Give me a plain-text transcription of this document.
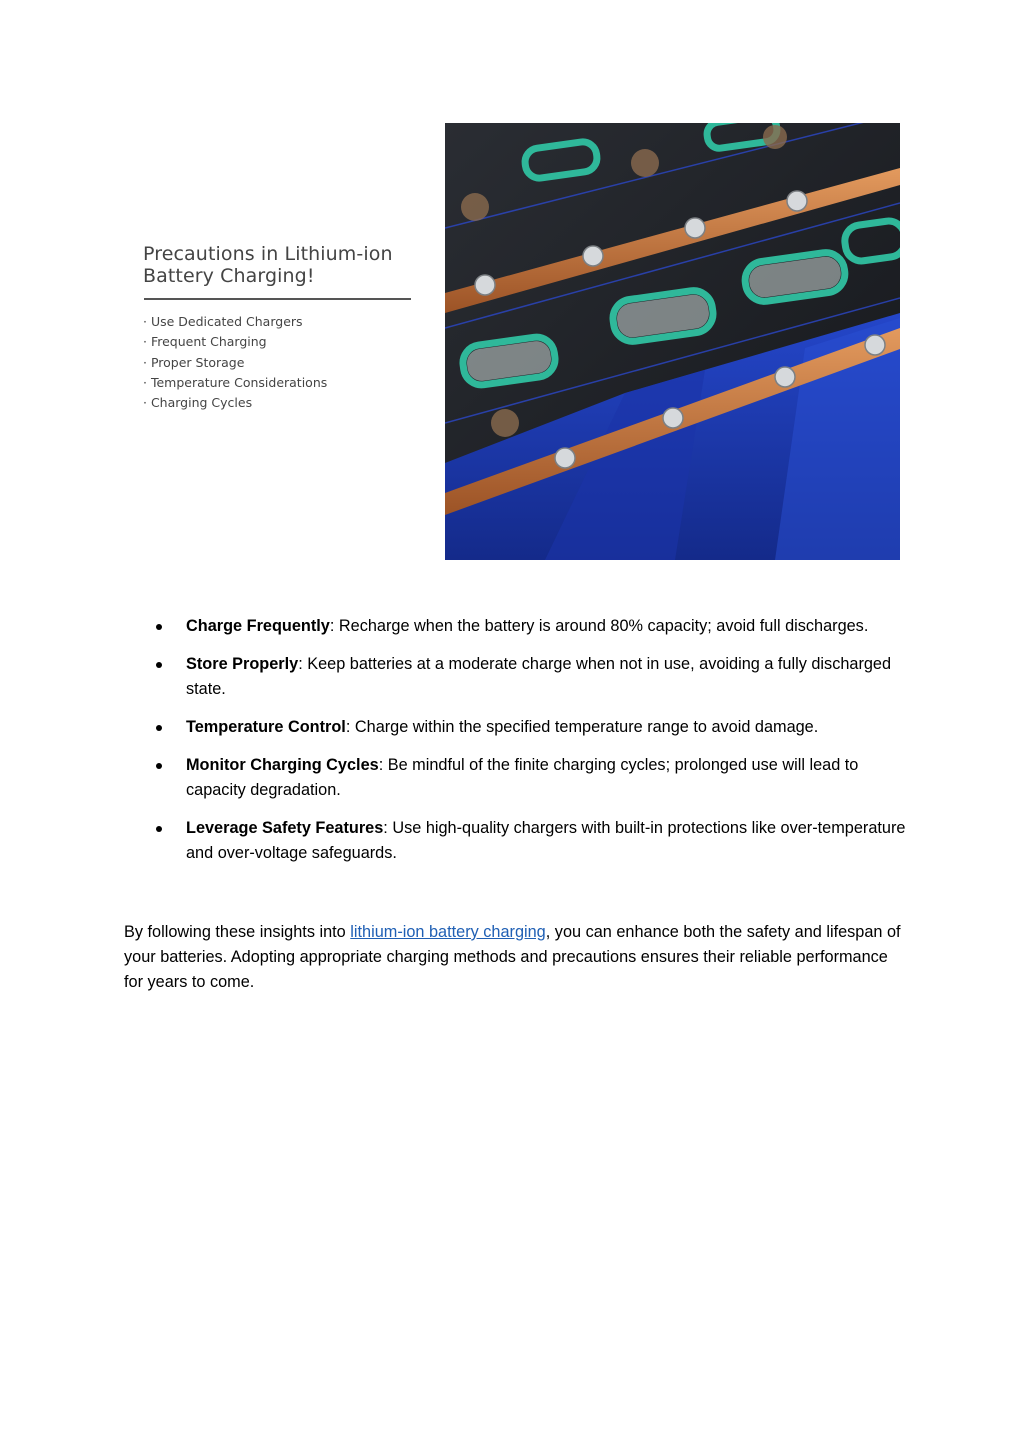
Precautions in Lithium-ion
Battery Charging!
· Use Dedicated Chargers
· Frequent Charging
· Proper Storage
· Temperature Considerations
· Charging Cycles
Charge Frequently: Recharge when the battery is around 80% capacity; avoid full discharges.
Store Properly: Keep batteries at a moderate charge when not in use, avoiding a fully discharged state.
Temperature Control: Charge within the specified temperature range to avoid damage.
Monitor Charging Cycles: Be mindful of the finite charging cycles; prolonged use will lead to capacity degradation.
Leverage Safety Features: Use high-quality chargers with built-in protections like over-temperature and over-voltage safeguards.

By following these insights into lithium-ion battery charging, you can enhance both the safety and lifespan of your batteries. Adopting appropriate charging methods and precautions ensures their reliable performance for years to come.
